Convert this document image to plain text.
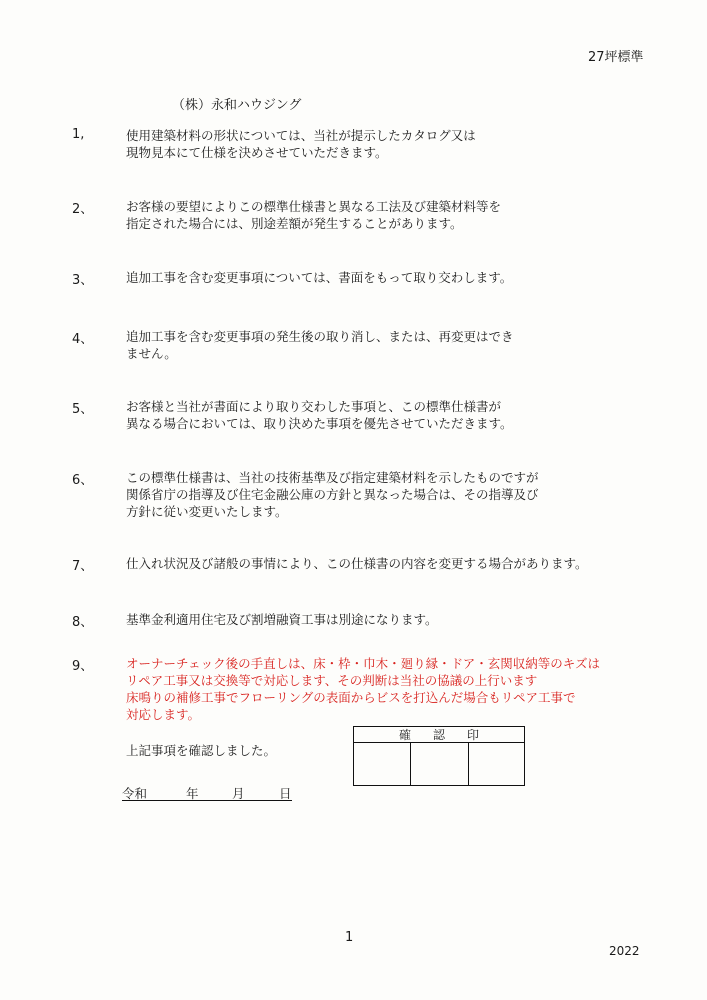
27坪標準
（株）永和ハウジング
1,	使用建築材料の形状については、当社が提示したカタログ又は
現物見本にて仕様を決めさせていただきます。
2、	お客様の要望によりこの標準仕様書と異なる工法及び建築材料等を
指定された場合には、別途差額が発生することがあります。
3、	追加工事を含む変更事項については、書面をもって取り交わします。
4、	追加工事を含む変更事項の発生後の取り消し、または、再変更はでき
ません。
5、	お客様と当社が書面により取り交わした事項と、この標準仕様書が
異なる場合においては、取り決めた事項を優先させていただきます。
6、	この標準仕様書は、当社の技術基準及び指定建築材料を示したものですが
関係省庁の指導及び住宅金融公庫の方針と異なった場合は、その指導及び
方針に従い変更いたします。
7、	仕入れ状況及び諸般の事情により、この仕様書の内容を変更する場合があります。
8、	基準金利適用住宅及び割増融資工事は別途になります。
9、	オーナーチェック後の手直しは、床・枠・巾木・廻り縁・ドア・玄関収納等のキズは
リペア工事又は交換等で対応します、その判断は当社の協議の上行います
床鳴りの補修工事でフローリングの表面からビスを打込んだ場合もリペア工事で
対応します。
上記事項を確認しました。
確認印
令和	年	月	日
1
2022
